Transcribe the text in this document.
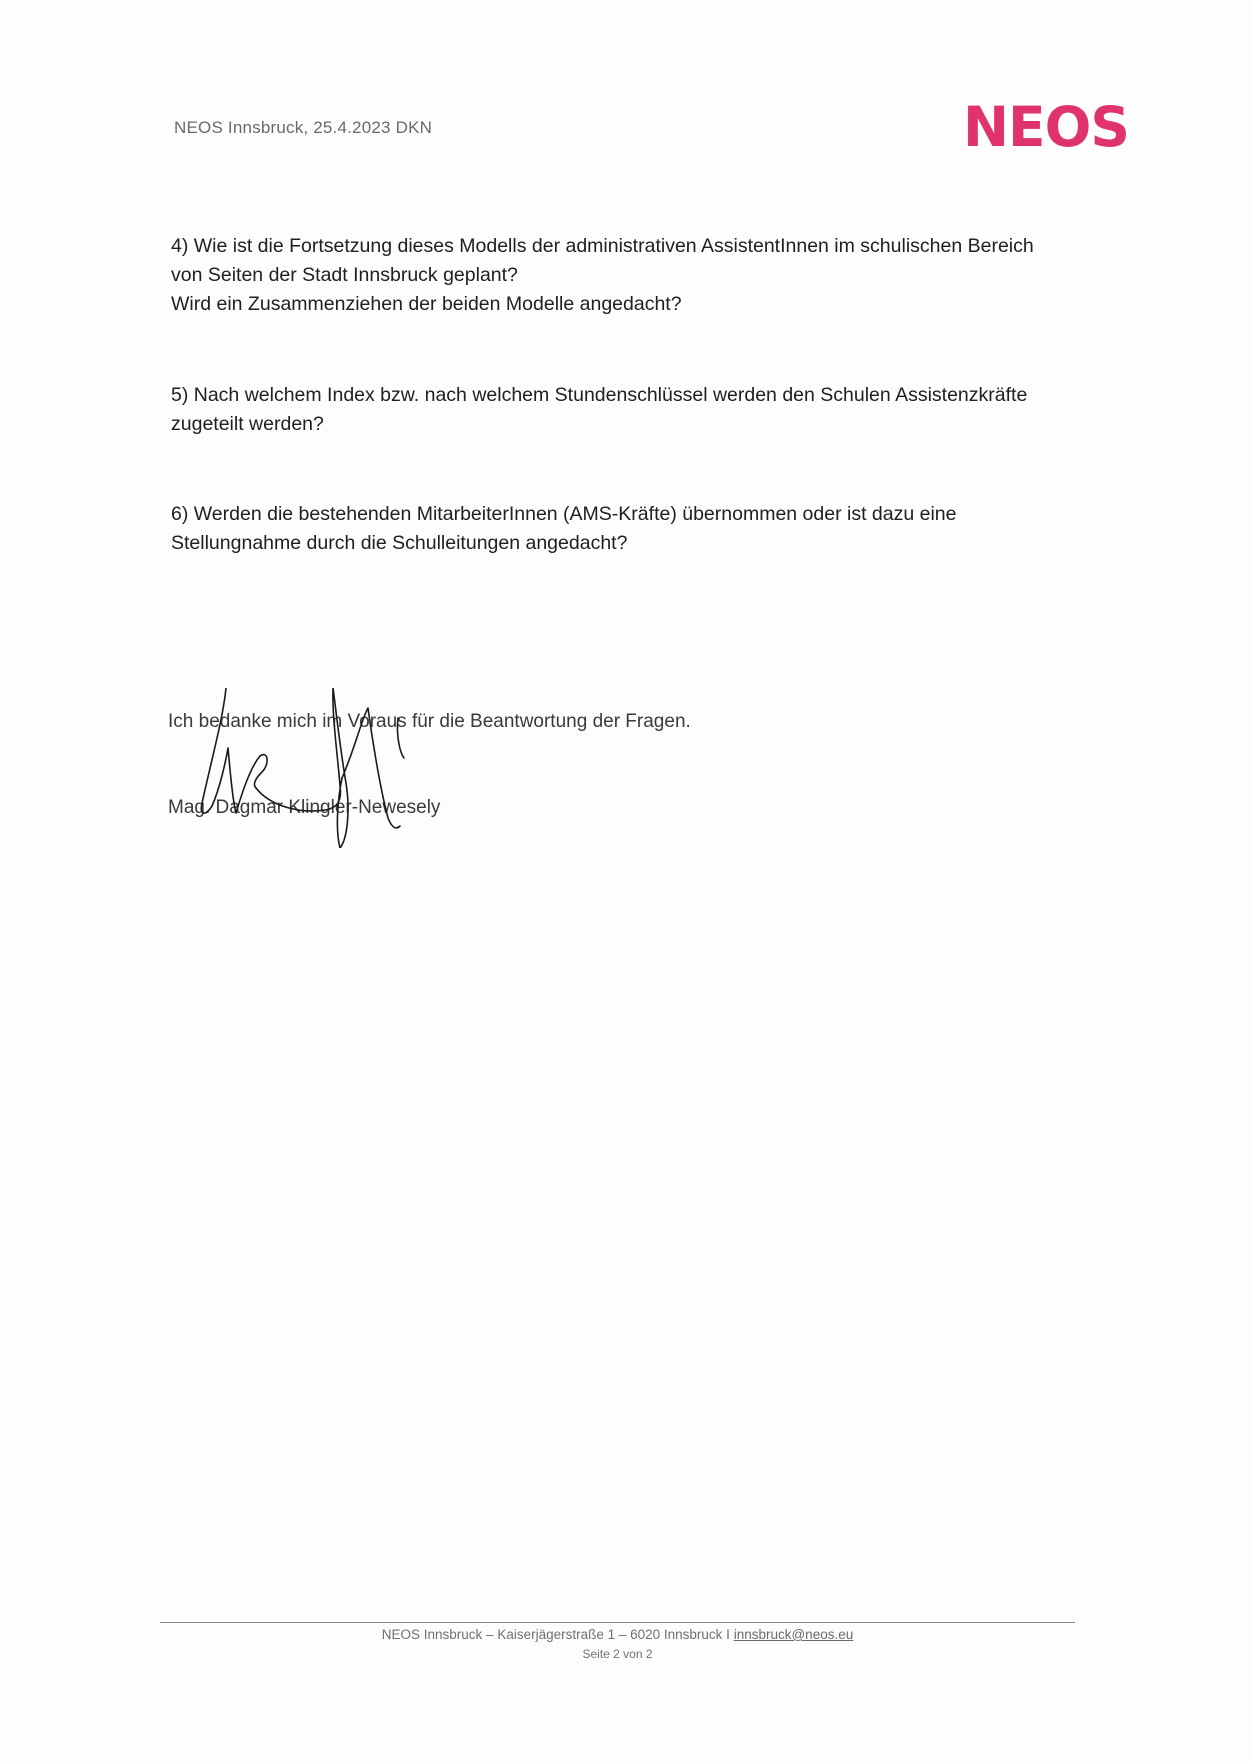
NEOS Innsbruck, 25.4.2023 DKN	NEOS
4) Wie ist die Fortsetzung dieses Modells der administrativen AssistentInnen im schulischen Bereich
von Seiten der Stadt Innsbruck geplant?
Wird ein Zusammenziehen der beiden Modelle angedacht?
5) Nach welchem Index bzw. nach welchem Stundenschlüssel werden den Schulen Assistenzkräfte
zugeteilt werden?
6) Werden die bestehenden MitarbeiterInnen (AMS-Kräfte) übernommen oder ist dazu eine
Stellungnahme durch die Schulleitungen angedacht?
Ich bedanke mich im Voraus für die Beantwortung der Fragen.
Mag. Dagmar Klingler-Newesely
NEOS Innsbruck – Kaiserjägerstraße 1 – 6020 Innsbruck I innsbruck@neos.eu
Seite 2 von 2
